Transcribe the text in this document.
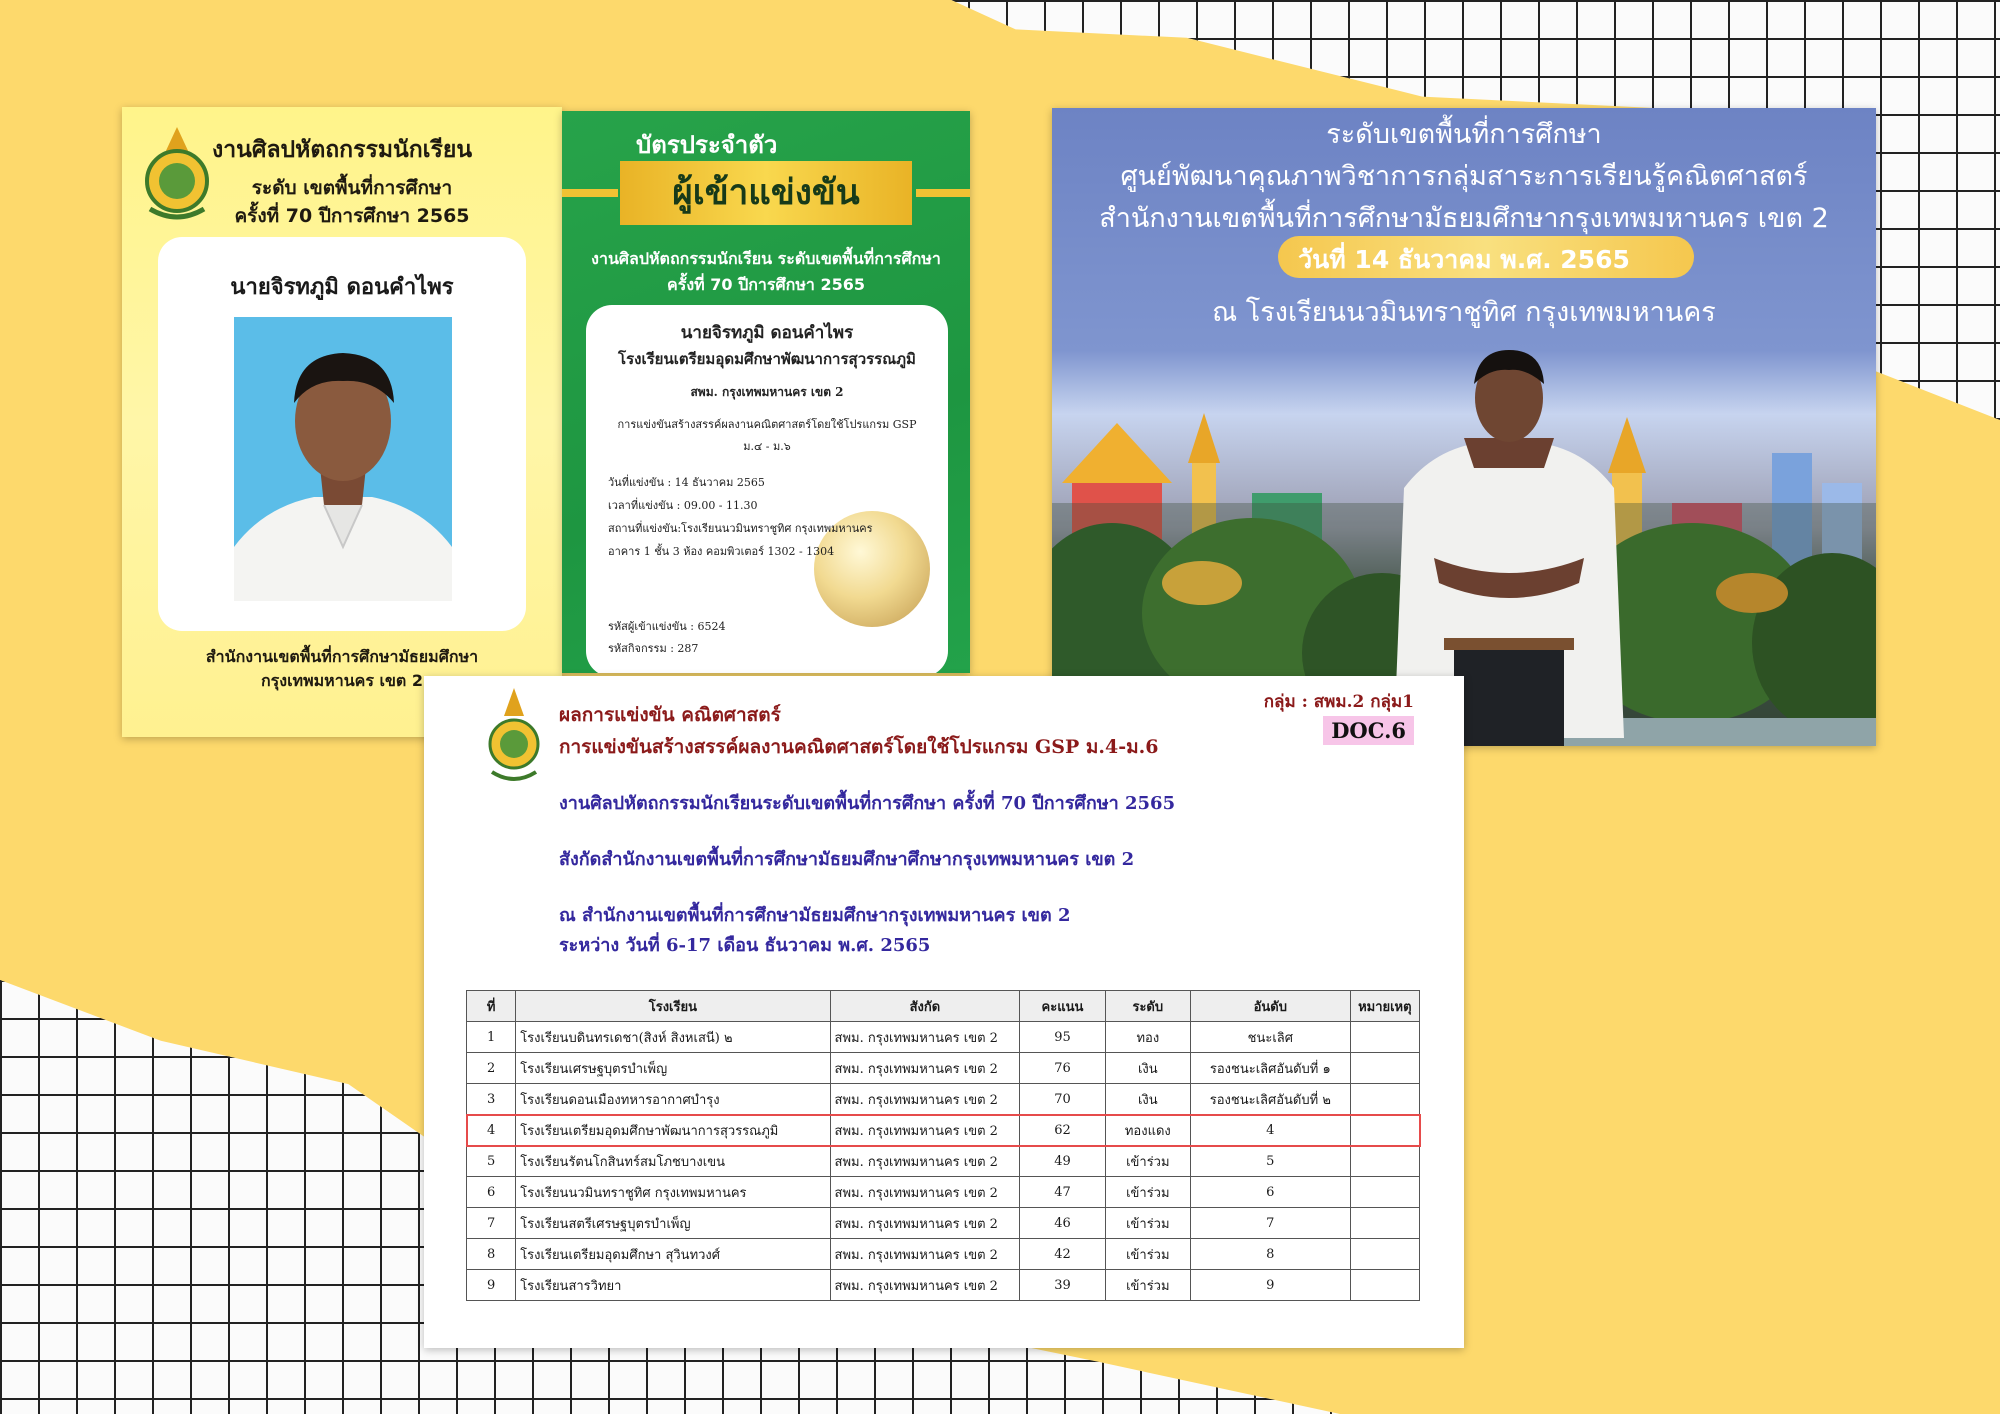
งานศิลปหัตถกรรมนักเรียน
ระดับ เขตพื้นที่การศึกษา
ครั้งที่ 70 ปีการศึกษา 2565
นายจิรทภูมิ ดอนคำไพร
สำนักงานเขตพื้นที่การศึกษามัธยมศึกษา
กรุงเทพมหานคร เขต 2
บัตรประจำตัว
ผู้เข้าแข่งขัน
งานศิลปหัตถกรรมนักเรียน ระดับเขตพื้นที่การศึกษา
ครั้งที่ 70 ปีการศึกษา 2565
นายจิรทภูมิ ดอนคำไพร
โรงเรียนเตรียมอุดมศึกษาพัฒนาการสุวรรณภูมิ
สพม. กรุงเทพมหานคร เขต 2
การแข่งขันสร้างสรรค์ผลงานคณิตศาสตร์โดยใช้โปรแกรม GSP
ม.๔ - ม.๖
วันที่แข่งขัน : 14 ธันวาคม 2565
เวลาที่แข่งขัน : 09.00 - 11.30
สถานที่แข่งขัน:โรงเรียนนวมินทราชูทิศ กรุงเทพมหานคร
อาคาร 1 ชั้น 3 ห้อง คอมพิวเตอร์ 1302 - 1304
รหัสผู้เข้าแข่งขัน : 6524
รหัสกิจกรรม : 287
ระดับเขตพื้นที่การศึกษา
ศูนย์พัฒนาคุณภาพวิชาการกลุ่มสาระการเรียนรู้คณิตศาสตร์
สำนักงานเขตพื้นที่การศึกษามัธยมศึกษากรุงเทพมหานคร เขต 2
วันที่ 14 ธันวาคม พ.ศ. 2565
ณ โรงเรียนนวมินทราชูทิศ กรุงเทพมหานคร
ผลการแข่งขัน คณิตศาสตร์
การแข่งขันสร้างสรรค์ผลงานคณิตศาสตร์โดยใช้โปรแกรม GSP ม.4-ม.6
กลุ่ม : สพม.2 กลุ่ม1
DOC.6
งานศิลปหัตถกรรมนักเรียนระดับเขตพื้นที่การศึกษา ครั้งที่ 70 ปีการศึกษา 2565
สังกัดสำนักงานเขตพื้นที่การศึกษามัธยมศึกษาศึกษากรุงเทพมหานคร เขต 2
ณ สำนักงานเขตพื้นที่การศึกษามัธยมศึกษากรุงเทพมหานคร เขต 2
ระหว่าง วันที่ 6-17 เดือน ธันวาคม พ.ศ. 2565
ที่	โรงเรียน	สังกัด	คะแนน	ระดับ	อันดับ	หมายเหตุ
1	โรงเรียนบดินทรเดชา(สิงห์ สิงหเสนี) ๒	สพม. กรุงเทพมหานคร เขต 2	95	ทอง	ชนะเลิศ	
2	โรงเรียนเศรษฐบุตรบำเพ็ญ	สพม. กรุงเทพมหานคร เขต 2	76	เงิน	รองชนะเลิศอันดับที่ ๑	
3	โรงเรียนดอนเมืองทหารอากาศบำรุง	สพม. กรุงเทพมหานคร เขต 2	70	เงิน	รองชนะเลิศอันดับที่ ๒	
4	โรงเรียนเตรียมอุดมศึกษาพัฒนาการสุวรรณภูมิ	สพม. กรุงเทพมหานคร เขต 2	62	ทองแดง	4	
5	โรงเรียนรัตนโกสินทร์สมโภชบางเขน	สพม. กรุงเทพมหานคร เขต 2	49	เข้าร่วม	5	
6	โรงเรียนนวมินทราชูทิศ กรุงเทพมหานคร	สพม. กรุงเทพมหานคร เขต 2	47	เข้าร่วม	6	
7	โรงเรียนสตรีเศรษฐบุตรบำเพ็ญ	สพม. กรุงเทพมหานคร เขต 2	46	เข้าร่วม	7	
8	โรงเรียนเตรียมอุดมศึกษา สุวินทวงศ์	สพม. กรุงเทพมหานคร เขต 2	42	เข้าร่วม	8	
9	โรงเรียนสารวิทยา	สพม. กรุงเทพมหานคร เขต 2	39	เข้าร่วม	9	
